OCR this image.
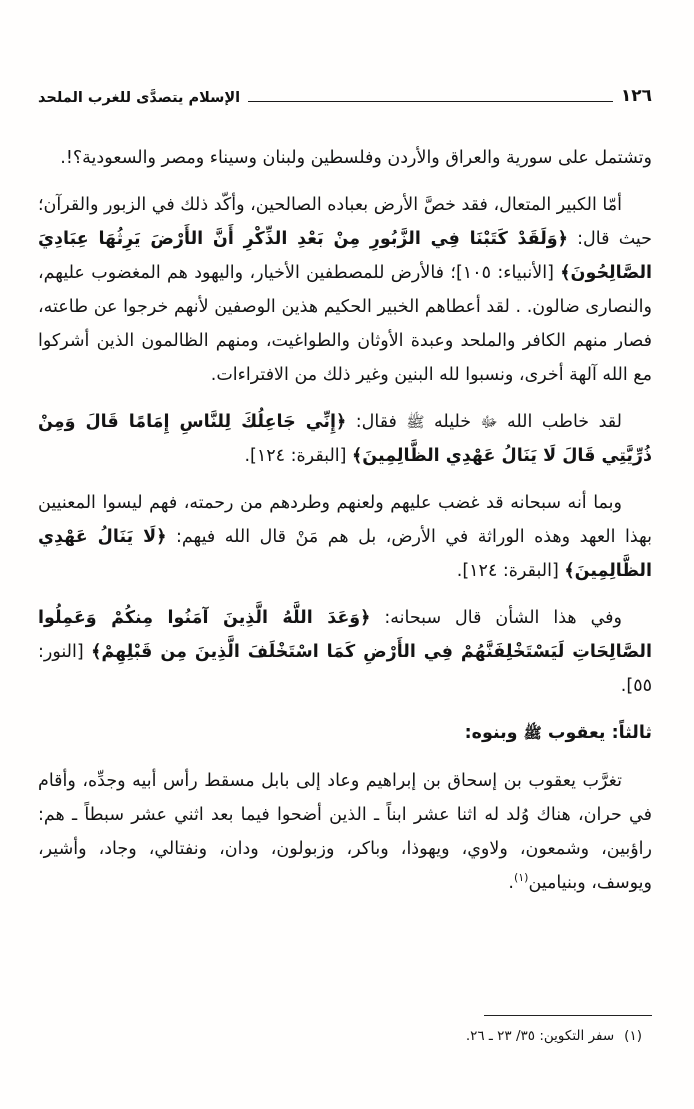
١٢٦
الإسلام يتصدَّى للغرب الملحد

وتشتمل على سورية والعراق والأردن وفلسطين ولبنان وسيناء ومصر والسعودية؟!.

أمّا الكبير المتعال، فقد خصَّ الأرض بعباده الصالحين، وأكّد ذلك في الزبور والقرآن؛ حيث قال: ﴿وَلَقَدْ كَتَبْنَا فِي الزَّبُورِ مِنْ بَعْدِ الذِّكْرِ أَنَّ الأَرْضَ يَرِثُهَا عِبَادِيَ الصَّالِحُونَ﴾ [الأنبياء: ١٠٥]؛ فالأرض للمصطفين الأخيار، واليهود هم المغضوب عليهم، والنصارى ضالون. . لقد أعطاهم الخبير الحكيم هذين الوصفين لأنهم خرجوا عن طاعته، فصار منهم الكافر والملحد وعبدة الأوثان والطواغيت، ومنهم الظالمون الذين أشركوا مع الله آلهة أخرى، ونسبوا لله البنين وغير ذلك من الافتراءات.

لقد خاطب الله ﷻ خليله ﷺ فقال: ﴿إِنِّي جَاعِلُكَ لِلنَّاسِ إِمَامًا قَالَ وَمِنْ ذُرِّيَّتِي قَالَ لَا يَنَالُ عَهْدِي الظَّالِمِينَ﴾ [البقرة: ١٢٤].

وبما أنه سبحانه قد غضب عليهم ولعنهم وطردهم من رحمته، فهم ليسوا المعنيين بهذا العهد وهذه الوراثة في الأرض، بل هم مَنْ قال الله فيهم: ﴿لَا يَنَالُ عَهْدِي الظَّالِمِينَ﴾ [البقرة: ١٢٤].

وفي هذا الشأن قال سبحانه: ﴿وَعَدَ اللَّهُ الَّذِينَ آمَنُوا مِنكُمْ وَعَمِلُوا الصَّالِحَاتِ لَيَسْتَخْلِفَنَّهُمْ فِي الأَرْضِ كَمَا اسْتَخْلَفَ الَّذِينَ مِن قَبْلِهِمْ﴾ [النور: ٥٥].

ثالثاً: يعقوب ﷺ وبنوه:

تغرَّب يعقوب بن إسحاق بن إبراهيم وعاد إلى بابل مسقط رأس أبيه وجدِّه، وأقام في حران، هناك وُلد له اثنا عشر ابناً ـ الذين أضحوا فيما بعد اثني عشر سبطاً ـ هم: راؤبين، وشمعون، ولاوي، ويهوذا، وباكر، وزبولون، ودان، ونفتالي، وجاد، وأشير، ويوسف، وبنيامين$^{(١)}$.

(١)سفر التكوين: ٣٥/ ٢٣ ـ ٢٦.
